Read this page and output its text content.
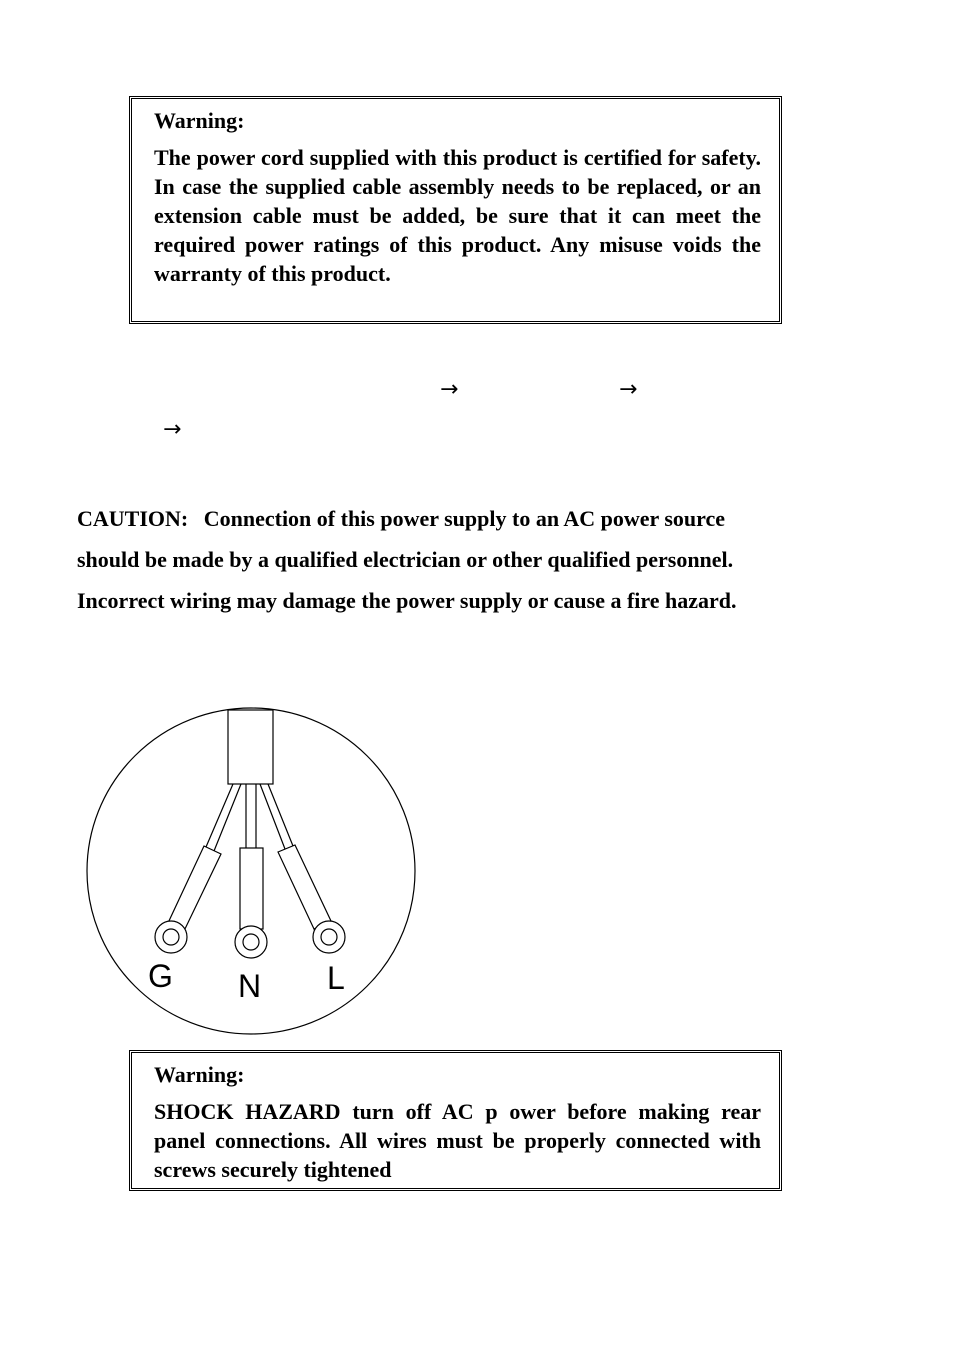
Warning:

The power cord supplied with this product is certified for safety. In case the supplied cable assembly needs to be replaced, or an extension cable must be added, be sure that it can meet the required power ratings of this product. Any misuse voids the warranty of this product.

→	→
→

CAUTION: Connection of this power supply to an AC power source
should be made by a qualified electrician or other qualified personnel.
Incorrect wiring may damage the power supply or cause a fire hazard.

G N L

Warning:

SHOCK HAZARD turn off AC p ower before making rear panel connections. All wires must be properly connected with screws securely tightened
